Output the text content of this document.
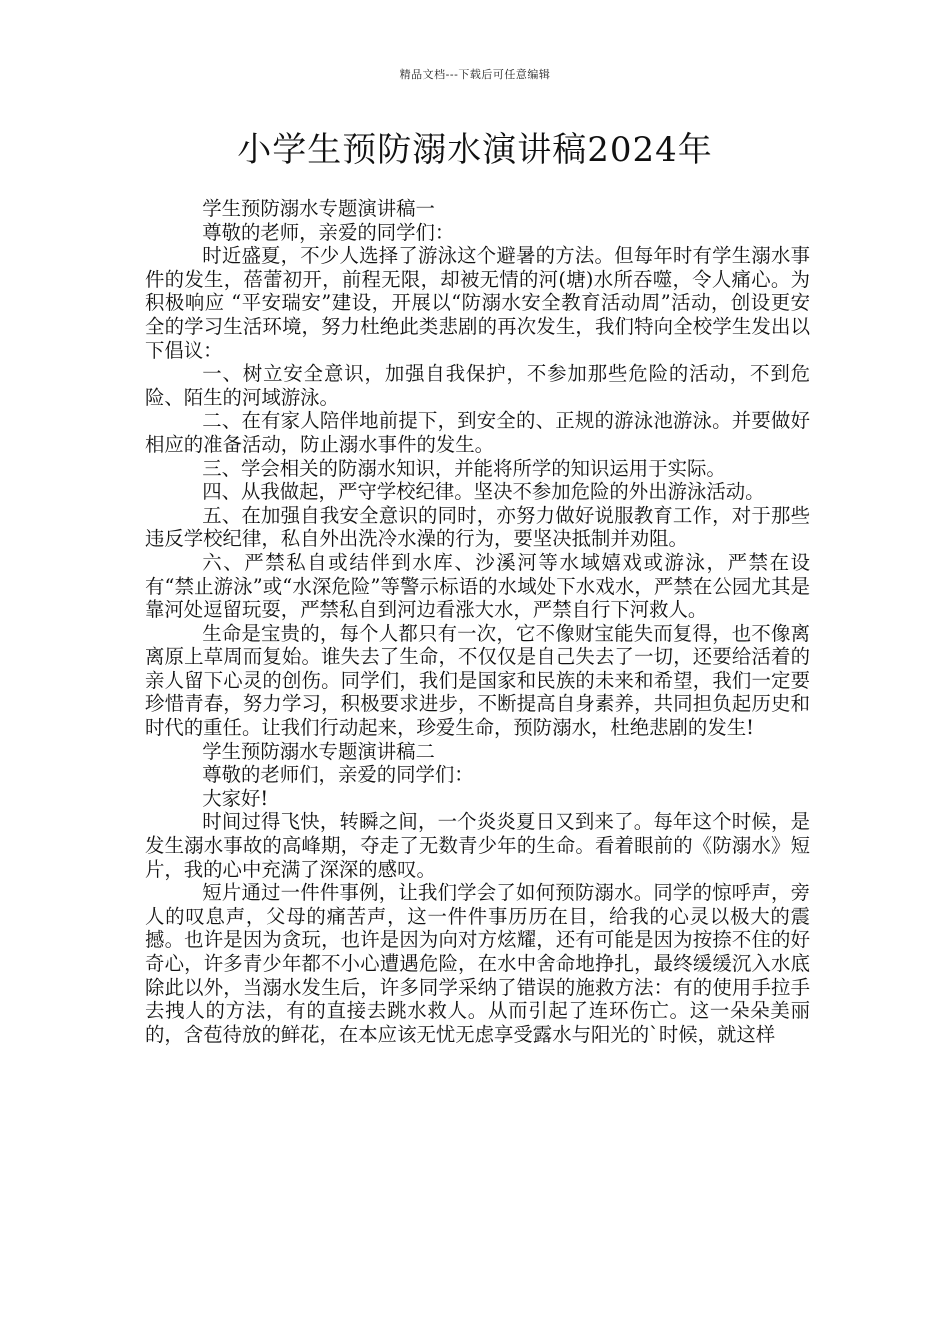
精品文档---下载后可任意编辑
小学生预防溺水演讲稿2024年

学生预防溺水专题演讲稿一

尊敬的老师，亲爱的同学们：

时近盛夏，不少人选择了游泳这个避暑的方法。但每年时有学生溺水事件的发生，蓓蕾初开，前程无限，却被无情的河(塘)水所吞噬，令人痛心。为积极响应 “平安瑞安”建设，开展以“防溺水安全教育活动周”活动，创设更安全的学习生活环境，努力杜绝此类悲剧的再次发生，我们特向全校学生发出以下倡议：

一、树立安全意识，加强自我保护，不参加那些危险的活动，不到危险、陌生的河域游泳。

二、在有家人陪伴地前提下，到安全的、正规的游泳池游泳。并要做好相应的准备活动，防止溺水事件的发生。

三、学会相关的防溺水知识，并能将所学的知识运用于实际。

四、从我做起，严守学校纪律。坚决不参加危险的外出游泳活动。

五、在加强自我安全意识的同时，亦努力做好说服教育工作，对于那些违反学校纪律，私自外出洗冷水澡的行为，要坚决抵制并劝阻。

六、严禁私自或结伴到水库、沙溪河等水域嬉戏或游泳，严禁在设有“禁止游泳”或“水深危险”等警示标语的水域处下水戏水，严禁在公园尤其是靠河处逗留玩耍，严禁私自到河边看涨大水，严禁自行下河救人。

生命是宝贵的，每个人都只有一次，它不像财宝能失而复得，也不像离离原上草周而复始。谁失去了生命，不仅仅是自己失去了一切，还要给活着的亲人留下心灵的创伤。同学们，我们是国家和民族的未来和希望，我们一定要珍惜青春，努力学习，积极要求进步，不断提高自身素养，共同担负起历史和时代的重任。让我们行动起来，珍爱生命，预防溺水，杜绝悲剧的发生!

学生预防溺水专题演讲稿二

尊敬的老师们，亲爱的同学们：

大家好!

时间过得飞快，转瞬之间，一个炎炎夏日又到来了。每年这个时候，是发生溺水事故的高峰期，夺走了无数青少年的生命。看着眼前的《防溺水》短片，我的心中充满了深深的感叹。

短片通过一件件事例，让我们学会了如何预防溺水。同学的惊呼声，旁人的叹息声，父母的痛苦声，这一件件事历历在目，给我的心灵以极大的震撼。也许是因为贪玩，也许是因为向对方炫耀，还有可能是因为按捺不住的好奇心，许多青少年都不小心遭遇危险，在水中舍命地挣扎，最终缓缓沉入水底除此以外，当溺水发生后，许多同学采纳了错误的施救方法：有的使用手拉手去拽人的方法，有的直接去跳水救人。从而引起了连环伤亡。这一朵朵美丽的，含苞待放的鲜花，在本应该无忧无虑享受露水与阳光的`时候，就这样
